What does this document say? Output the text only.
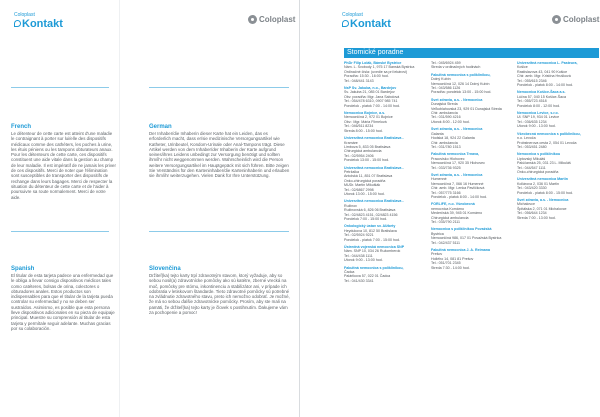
Coloplast
Kontakt

French

Le détenteur de cette carte est atteint d'une maladie le contraignant à porter sur lui/elle des dispositifs médicaux comme des cathéters, les poches à urine, les étuis péniens ou les tampons obturateurs anaux. Pour les détenteurs de cette carte, ces dispositifs constituent une aide vitale dans la gestion au champ de leur maladie. Il est impératif de ne jamais les priver de ces dispositifs. Merci de noter que l'élimination sont susceptibles de transporter des dispositifs de rechange dans leurs bagages. Merci de respecter la situation du détenteur de cette carte et de l'aider à poursuivre sa route normalement. Merci de votre aide.

Spanish

El titular de esta tarjeta padece una enfermedad que le obliga a llevar consigo dispositivos médicos tales como catéteres, bolsas de orina, colectores o obturadores anales. Estos productos son indispensables para que el titular de la tarjeta pueda controlar su enfermedad y no se deben ser sustraídos. Asimismo, es posible que esta persona lleve dispositivos adicionales en su pieza de equipaje principal. Muestre su comprensión al titular de esta tarjeta y permítale seguir adelante. Muchas gracias por su colaboración.

Coloplast

German

Der Inhaber/die Inhaberin dieser Karte hat ein Leiden, das es erforderlich macht, dass er/sie medizinische Versorgungsartikel wie Katheter, Urinbeutel, Kondom-Urinale oder Anal-Tampons trägt. Diese Artikel werden von dem Inhaber/der Inhaberin der Karte aufgrund seines/ihres Leidens unbedingt zur Versorgung benötigt und sollten ihm/ihr nicht weggenommen werden. Wahrscheinlich wird die Person weitere Versorgungsartikel im Hauptgepäck mit sich führen. Bitte zeigen Sie Verständnis für den Karteninhaber/die Karteninhaberin und erlauben sie ihm/ihr weiterzugehen. Vielen Dank für Ihre Unterstützung.

Slovenčina

Držiteľ(ka) tejto karty trpí zdravotným stavom, ktorý vyžaduje, aby so sebou nosil(a) zdravotnícke pomôcky ako sú katétre, zberné vrecká na moč, pomôcky pre stómu, inkontinenciu a stabilizátor ani, v prípade ich odobratia v letiskovom štandarde. Tieto zdravotné pomôcky sú potrebné na zvládnutie zdravotného stavu, preto ich nemožno odobrať. Je možné, že má so sebou ďalšie zdravotnícke pomôcky. Prosím, aby ste mali na pamäti, že držiteľ(ka) tejto karty je človek s postihnutím. Ďakujeme vám za pochopenie a pomoc!

Coloplast
Kontakt	Coloplast
Stomické poradne
PhDr Filip Lolák, Bánské Bystrice
Nám. L. Svobody 1, 975 17 Banská Bystrica
Ordinačné čísla: (uvedie sa pri lekárovi)
Poradňa: 15:30 - 16:00 hod.
Tel.: 048/441 3143
NsP Sv. Jakuba, n.o., Bardejov
Sv. Jakuba 21, 085 01 Bardejov
Obv. poradňa: Mgr. Jana Sabolová
Tel.: 054/478 6310, 0907 985 741
Pondelok - piatok 7:00 - 14:00 hod.
Nemocnica Bojnice, a.s.
Nemocničná 2, 972 01 Bojnice
Obv.: Mgr. Mária Flimelová
Tel.: 046/511 8234
Streda 8:00 - 15:00 hod.
Univerzitná nemocnica Bratislava -
Kramáre
Limbova 5, 833 05 Bratislava
Chirurgická ambulancia
Tel.: 02/5954 2406
Pondelok 13:00 - 15:00 hod.
Univerzitná nemocnica Bratislava -
Petržalka
Antolská 11, 851 07 Bratislava
Onko-chirurgická poradňa
MUDr. Martin Mikulšák
Tel.: 02/6867 2998
Utorok 13:00 - 15:00 hod.
Univerzitná nemocnica Bratislava -
Ružinov
Ružinovská 6, 826 06 Bratislava
Tel.: 02/4823 4151, 02/4823 4156
Pondelok 7:00 - 15:00 hod.
Onkologický ústav sv. Alžbety
Heydukova 10, 812 50 Bratislava
Tel.: 02/5924 9221
Pondelok - piatok 7:00 - 15:00 hod.
Ústredná vojenská nemocnica SNP
Nám. SNP 10, 034 26 Ružomberok
Tel.: 044/438 1111
Utorok 9:00 - 13:00 hod.
Fakultná nemocnica s poliklinikou,
Čadca
Palárikova 57, 022 01 Čadca
Tel.: 041/430 3341
Tel.: 045/6924 459
Streda v ordinačných hodinách
Fakultná nemocnica s poliklinikou,
Dolný Kubín
Nemocničná 12, 026 14 Dolný Kubín
Tel.: 043/586 1126
Poradňa: pondelok 13:00 - 15:00 hod.
Svet zdravia, a.s. - Nemocnica
Dunajská Streda
Veľkoblahovská 23, 929 01 Dunajská Streda
Chir. ambulancia
Tel.: 031/590 4216
Utorok 8:00 - 12:00 hod.
Svet zdravia, a.s. - Nemocnica
Galanta
Hodská 18, 924 22 Galanta
Chir. ambulancia
Tel.: 031/780 1513
Fakultná nemocnica Trnava,
Pracovisko Hlohovec
Nemocničná 17, 920 35 Hlohovec
Tel.: 033/736 9325
Svet zdravia, a.s. - Nemocnica
Humenné
Nemocničná 7, 066 16 Humenné
Chir. amb. Mgr. Lenka Pavličková
Tel.: 057/775 3166
Pondelok - piatok 8:00 - 14:00 hod.
FORLIFE, n.o. Všeobecná
nemocnica Komárno
Mederčská 39, 945 01 Komárno
Chirurgická ambulancia
Tel.: 035/790 2111
Nemocnica s poliklinikou Považská
Bystrica
Nemocničná 986, 017 01 Považská Bystrica
Tel.: 042/437 5111
Fakultná nemocnica J. A. Reimana
Prešov
Hollého 14, 081 81 Prešov
Tel.: 051/701 2345
Streda 7:30 - 14:00 hod.
Univerzitná nemocnica L. Pasteura,
Košice
Rastislavova 43, 041 90 Košice
Chir. amb. Mgr. Kristína Hrušková
Tel.: 055/615 2346
Pondelok - piatok 8:00 - 14:00 hod.
Nemocnica Košice-Šaca a.s.
Lúčna 57, 040 15 Košice-Šaca
Tel.: 055/723 4518
Pondelok 8:00 - 12:00 hod.
Nemocnica Levice, s.r.o.
Ul. SNP 19, 934 01 Levice
Tel.: 036/635 1234
Utorok 9:00 - 13:00 hod.
Všeobecná nemocnica s poliklinikou,
n.o. Levoča
Probstnerova cesta 2, 054 01 Levoča
Tel.: 053/451 2480
Nemocnica s poliklinikou
Liptovský Mikuláš
Palúčanská 25, 031 23 L. Mikuláš
Tel.: 044/547 1111
Onko-chirurgická poradňa
Univerzitná nemocnica Martin
Kollárova 2, 036 01 Martin
Tel.: 043/420 3330
Pondelok - piatok 8:00 - 15:00 hod.
Svet zdravia, a.s. - Nemocnica
Michalovce
Špitálska 2, 071 01 Michalovce
Tel.: 056/644 1234
Streda 7:00 - 13:00 hod.
